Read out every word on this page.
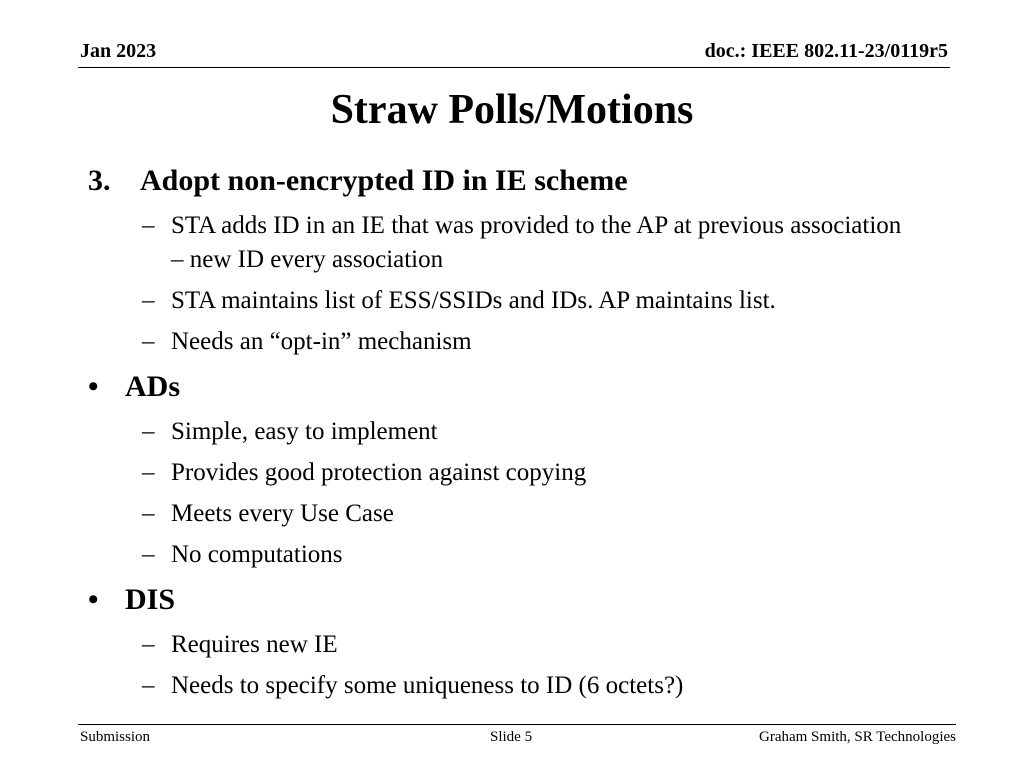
Jan 2023	doc.: IEEE 802.11-23/0119r5
Straw Polls/Motions
3. Adopt non-encrypted ID in IE scheme
– STA adds ID in an IE that was provided to the AP at previous association – new ID every association
– STA maintains list of ESS/SSIDs and IDs. AP maintains list.
– Needs an “opt-in” mechanism
• ADs
– Simple, easy to implement
– Provides good protection against copying
– Meets every Use Case
– No computations
• DIS
– Requires new IE
– Needs to specify some uniqueness to ID (6 octets?)
Submission	Slide 5	Graham Smith, SR Technologies
